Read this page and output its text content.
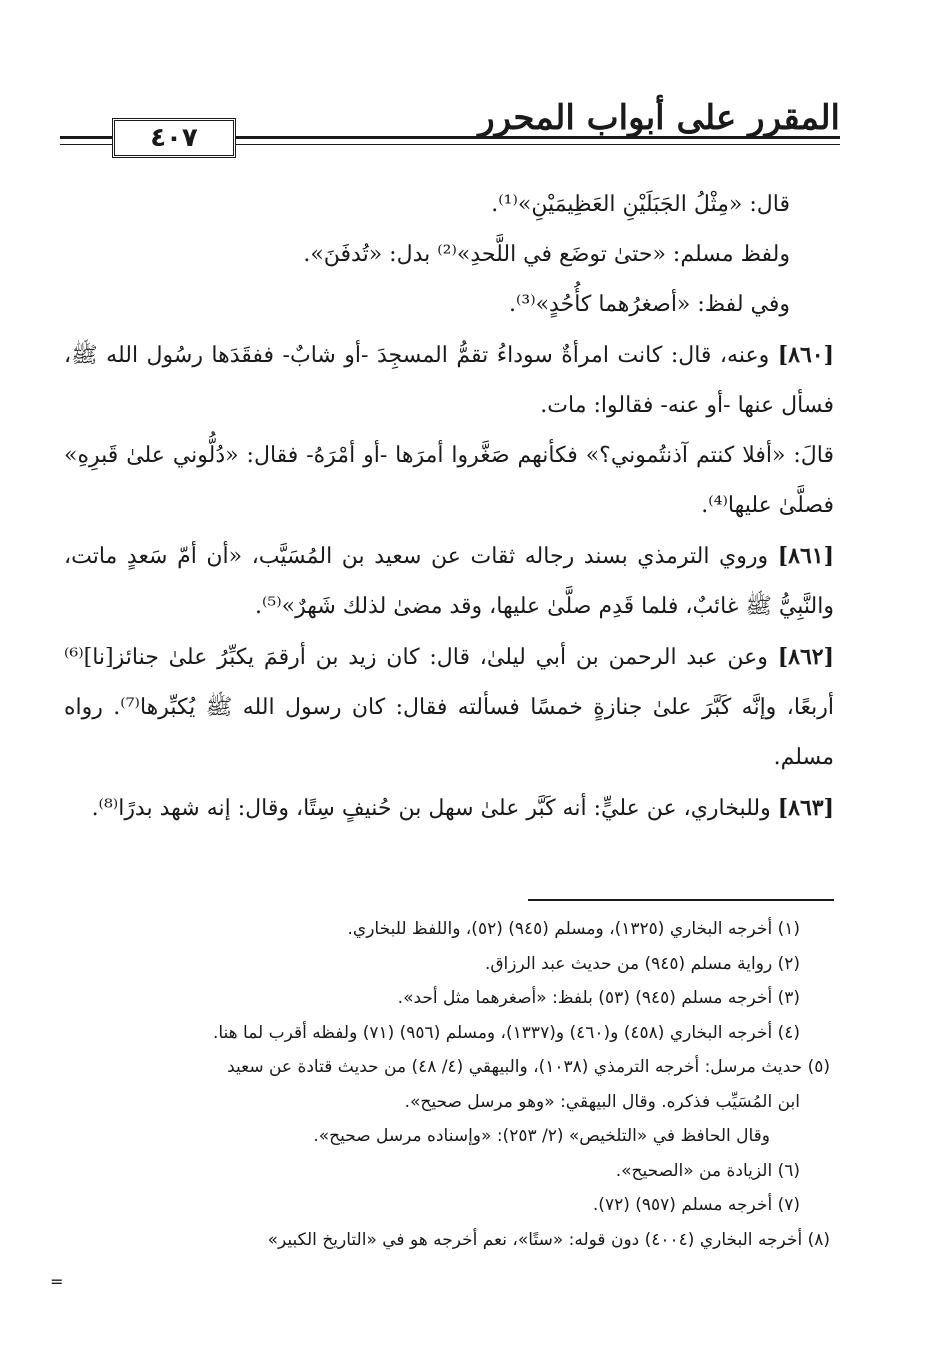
المقرر على أبواب المحرر
٤٠٧

قال: «مِثْلُ الجَبَلَيْنِ العَظِيمَيْنِ»⁽¹⁾.

ولفظ مسلم: «حتىٰ توضَع في اللَّحدِ»⁽²⁾ بدل: «تُدفَنَ».

وفي لفظ: «أصغرُهما كأُحُدٍ»⁽³⁾.

[٨٦٠] وعنه، قال: كانت امرأةٌ سوداءُ تقمُّ المسجِدَ -أو شابٌ- ففقَدَها رسُول الله ﷺ، فسأل عنها -أو عنه- فقالوا: مات.

قالَ: «أفلا كنتم آذنتُموني؟» فكأنهم صَغَّروا أمرَها -أو أمْرَهُ- فقال: «دُلُّوني علىٰ قَبرِهِ» فصلَّىٰ عليها⁽⁴⁾.

[٨٦١] وروي الترمذي بسند رجاله ثقات عن سعيد بن المُسَيَّب، «أن أمّ سَعدٍ ماتت، والنَّبِيُّ ﷺ غائبٌ، فلما قَدِم صلَّىٰ عليها، وقد مضىٰ لذلك شَهرٌ»⁽⁵⁾.

[٨٦٢] وعن عبد الرحمن بن أبي ليلىٰ، قال: كان زيد بن أرقمَ يكبِّرُ علىٰ جنائز[نا]⁽⁶⁾ أربعًا، وإنَّه كَبَّرَ علىٰ جنازةٍ خمسًا فسألته فقال: كان رسول الله ﷺ يُكبِّرها⁽⁷⁾. رواه مسلم.

[٨٦٣] وللبخاري، عن عليٍّ: أنه كَبَّر علىٰ سهل بن حُنيفٍ سِتًا، وقال: إنه شهد بدرًا⁽⁸⁾.

(١) أخرجه البخاري (١٣٢٥)، ومسلم (٩٤٥) (٥٢)، واللفظ للبخاري.

(٢) رواية مسلم (٩٤٥) من حديث عبد الرزاق.

(٣) أخرجه مسلم (٩٤٥) (٥٣) بلفظ: «أصغرهما مثل أحد».

(٤) أخرجه البخاري (٤٥٨) و(٤٦٠) و(١٣٣٧)، ومسلم (٩٥٦) (٧١) ولفظه أقرب لما هنا.

(٥) حديث مرسل: أخرجه الترمذي (١٠٣٨)، والبيهقي (٤/ ٤٨) من حديث قتادة عن سعيد

ابن المُسَيِّب فذكره. وقال البيهقي: «وهو مرسل صحيح».

وقال الحافظ في «التلخيص» (٢/ ٢٥٣): «وإسناده مرسل صحيح».

(٦) الزيادة من «الصحيح».

(٧) أخرجه مسلم (٩٥٧) (٧٢).

(٨) أخرجه البخاري (٤٠٠٤) دون قوله: «ستًا»، نعم أخرجه هو في «التاريخ الكبير»

=
